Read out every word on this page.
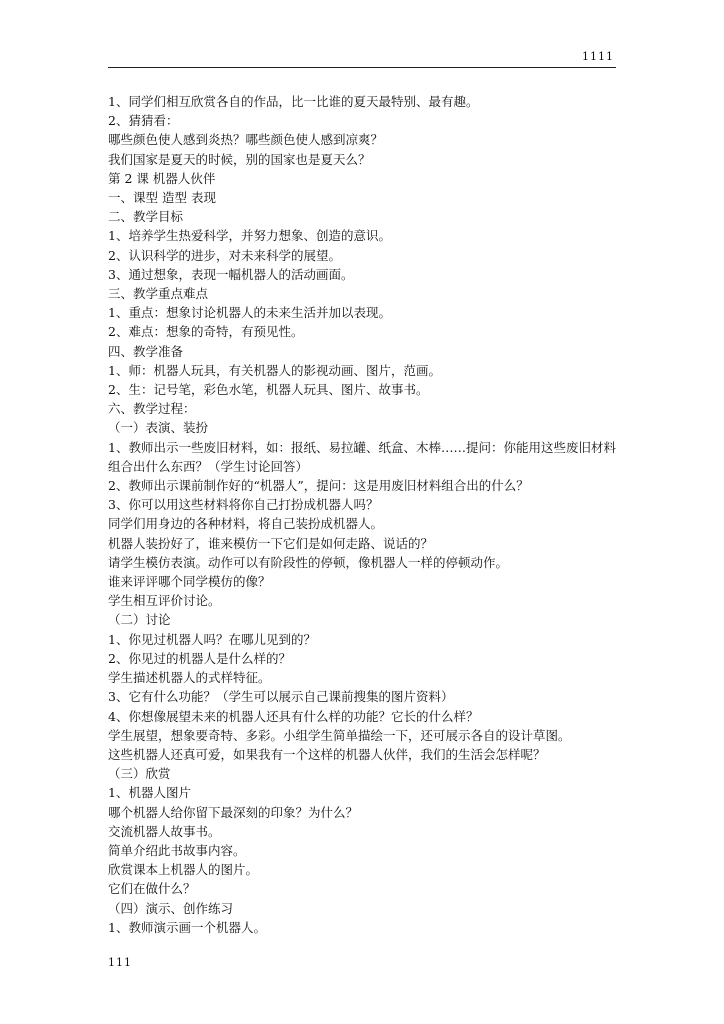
1111

1、同学们相互欣赏各自的作品，比一比谁的夏天最特别、最有趣。

2、猜猜看：

哪些颜色使人感到炎热？哪些颜色使人感到凉爽？

我们国家是夏天的时候，别的国家也是夏天么？

第 2 课 机器人伙伴

一、课型 造型 表现

二、教学目标

1、培养学生热爱科学，并努力想象、创造的意识。

2、认识科学的进步，对未来科学的展望。

3、通过想象，表现一幅机器人的活动画面。

三、教学重点难点

1、重点：想象讨论机器人的未来生活并加以表现。

2、难点：想象的奇特，有预见性。

四、教学准备

1、师：机器人玩具，有关机器人的影视动画、图片，范画。

2、生：记号笔，彩色水笔，机器人玩具、图片、故事书。

六、教学过程：

（一）表演、装扮

1、教师出示一些废旧材料，如：报纸、易拉罐、纸盒、木棒……提问：你能用这些废旧材料组合出什么东西？（学生讨论回答）

2、教师出示课前制作好的“机器人”，提问：这是用废旧材料组合出的什么？

3、你可以用这些材料将你自己打扮成机器人吗？

同学们用身边的各种材料，将自己装扮成机器人。

机器人装扮好了，谁来模仿一下它们是如何走路、说话的？

请学生模仿表演。动作可以有阶段性的停顿，像机器人一样的停顿动作。

谁来评评哪个同学模仿的像？

学生相互评价讨论。

（二）讨论

1、你见过机器人吗？在哪儿见到的？

2、你见过的机器人是什么样的？

学生描述机器人的式样特征。

3、它有什么功能？（学生可以展示自己课前搜集的图片资料）

4、你想像展望未来的机器人还具有什么样的功能？它长的什么样？

学生展望，想象要奇特、多彩。小组学生简单描绘一下，还可展示各自的设计草图。

这些机器人还真可爱，如果我有一个这样的机器人伙伴，我们的生活会怎样呢？

（三）欣赏

1、机器人图片

哪个机器人给你留下最深刻的印象？为什么？

交流机器人故事书。

简单介绍此书故事内容。

欣赏课本上机器人的图片。

它们在做什么？

（四）演示、创作练习

1、教师演示画一个机器人。

111
